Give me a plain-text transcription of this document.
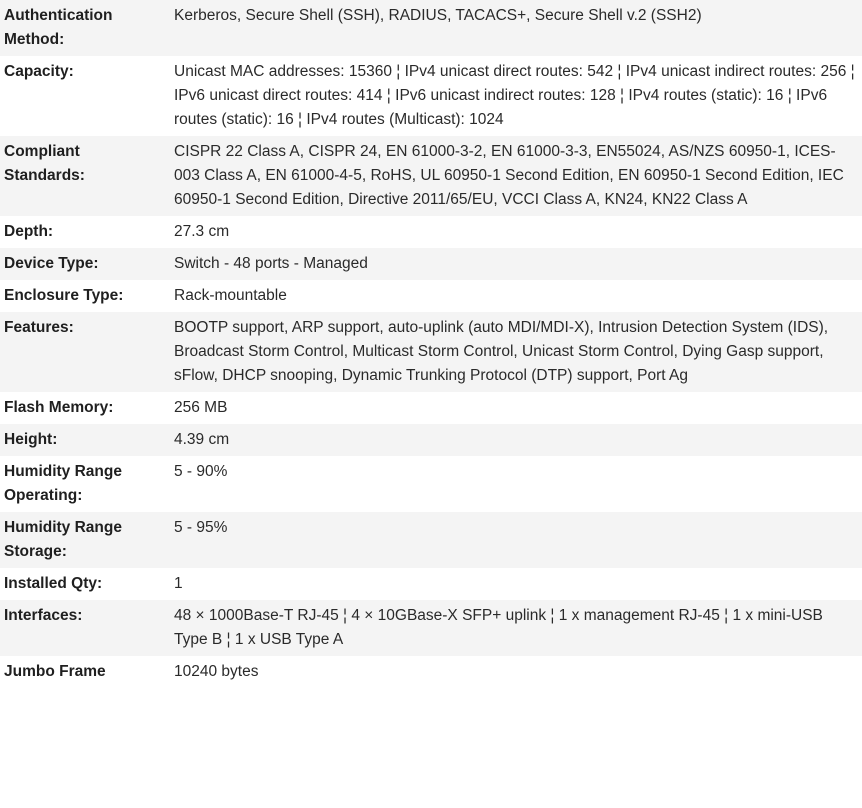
Authentication Method:	Kerberos, Secure Shell (SSH), RADIUS, TACACS+, Secure Shell v.2 (SSH2)
Capacity:	Unicast MAC addresses: 15360 ¦ IPv4 unicast direct routes: 542 ¦ IPv4 unicast indirect routes: 256 ¦ IPv6 unicast direct routes: 414 ¦ IPv6 unicast indirect routes: 128 ¦ IPv4 routes (static): 16 ¦ IPv6 routes (static): 16 ¦ IPv4 routes (Multicast): 1024
Compliant Standards:	CISPR 22 Class A, CISPR 24, EN 61000-3-2, EN 61000-3-3, EN55024, AS/NZS 60950-1, ICES-003 Class A, EN 61000-4-5, RoHS, UL 60950-1 Second Edition, EN 60950-1 Second Edition, IEC 60950-1 Second Edition, Directive 2011/65/EU, VCCI Class A, KN24, KN22 Class A
Depth:	27.3 cm
Device Type:	Switch - 48 ports - Managed
Enclosure Type:	Rack-mountable
Features:	BOOTP support, ARP support, auto-uplink (auto MDI/MDI-X), Intrusion Detection System (IDS), Broadcast Storm Control, Multicast Storm Control, Unicast Storm Control, Dying Gasp support, sFlow, DHCP snooping, Dynamic Trunking Protocol (DTP) support, Port Ag
Flash Memory:	256 MB
Height:	4.39 cm
Humidity Range Operating:	5 - 90%
Humidity Range Storage:	5 - 95%
Installed Qty:	1
Interfaces:	48 × 1000Base-T RJ-45 ¦ 4 × 10GBase-X SFP+ uplink ¦ 1 x management RJ-45 ¦ 1 x mini-USB Type B ¦ 1 x USB Type A
Jumbo Frame	10240 bytes
